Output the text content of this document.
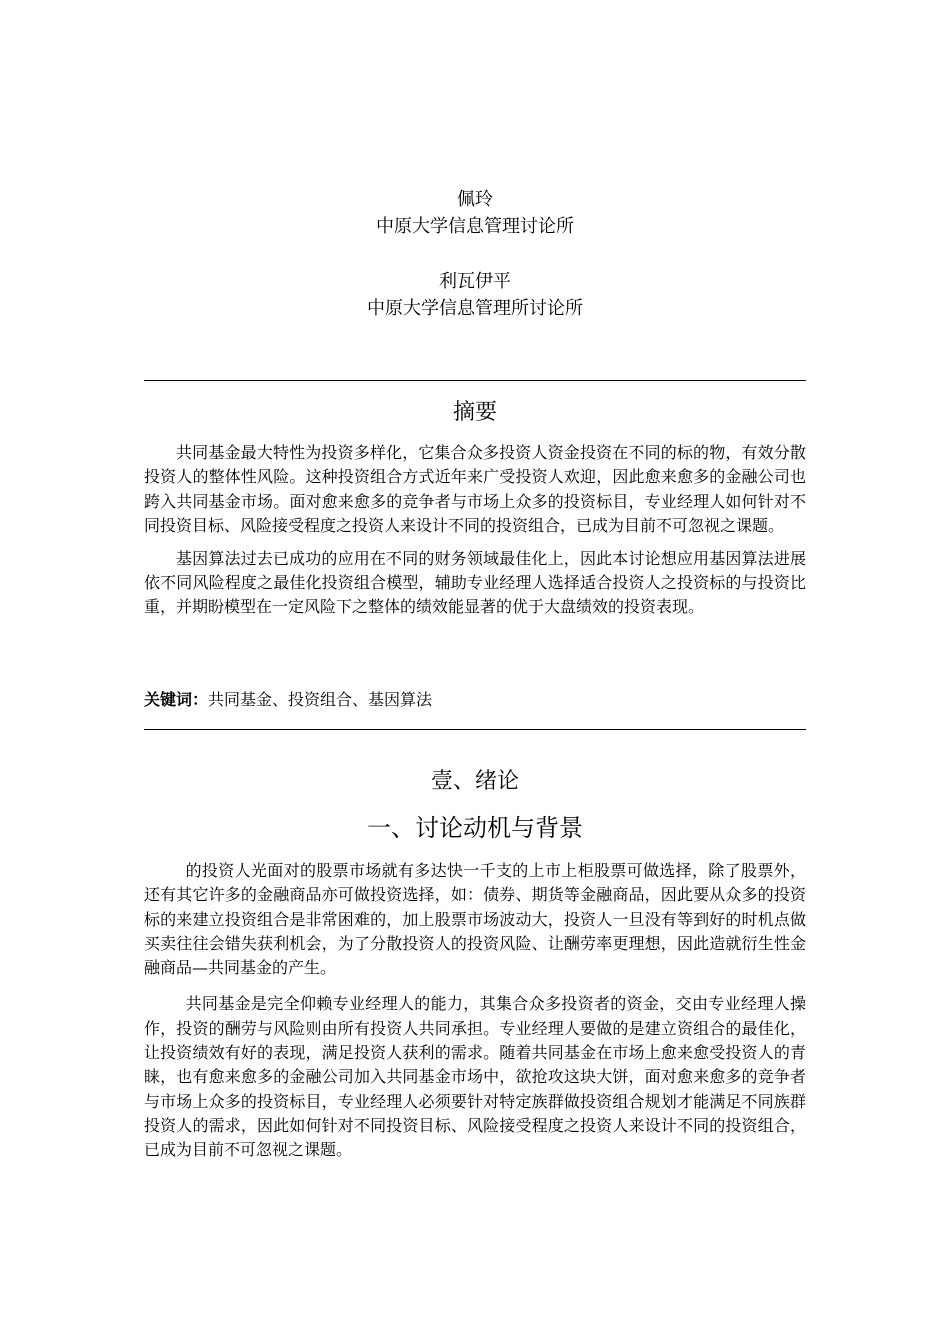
佩玲
中原大学信息管理讨论所
利瓦伊平
中原大学信息管理所讨论所
摘要

共同基金最大特性为投资多样化，它集合众多投资人资金投资在不同的标的物，有效分散投资人的整体性风险。这种投资组合方式近年来广受投资人欢迎，因此愈来愈多的金融公司也跨入共同基金市场。面对愈来愈多的竞争者与市场上众多的投资标目，专业经理人如何针对不同投资目标、风险接受程度之投资人来设计不同的投资组合，已成为目前不可忽视之课题。

基因算法过去已成功的应用在不同的财务领域最佳化上，因此本讨论想应用基因算法进展依不同风险程度之最佳化投资组合模型，辅助专业经理人选择适合投资人之投资标的与投资比重，并期盼模型在一定风险下之整体的绩效能显著的优于大盘绩效的投资表现。

关键词：共同基金、投资组合、基因算法
壹、绪论
一、讨论动机与背景

的投资人光面对的股票市场就有多达快一千支的上市上柜股票可做选择，除了股票外，还有其它许多的金融商品亦可做投资选择，如：债券、期货等金融商品，因此要从众多的投资标的来建立投资组合是非常困难的，加上股票市场波动大，投资人一旦没有等到好的时机点做买卖往往会错失获利机会，为了分散投资人的投资风险、让酬劳率更理想，因此造就衍生性金融商品—共同基金的产生。

共同基金是完全仰赖专业经理人的能力，其集合众多投资者的资金，交由专业经理人操作，投资的酬劳与风险则由所有投资人共同承担。专业经理人要做的是建立资组合的最佳化，让投资绩效有好的表现，满足投资人获利的需求。随着共同基金在市场上愈来愈受投资人的青睐，也有愈来愈多的金融公司加入共同基金市场中，欲抢攻这块大饼，面对愈来愈多的竞争者与市场上众多的投资标目，专业经理人必须要针对特定族群做投资组合规划才能满足不同族群投资人的需求，因此如何针对不同投资目标、风险接受程度之投资人来设计不同的投资组合，已成为目前不可忽视之课题。
